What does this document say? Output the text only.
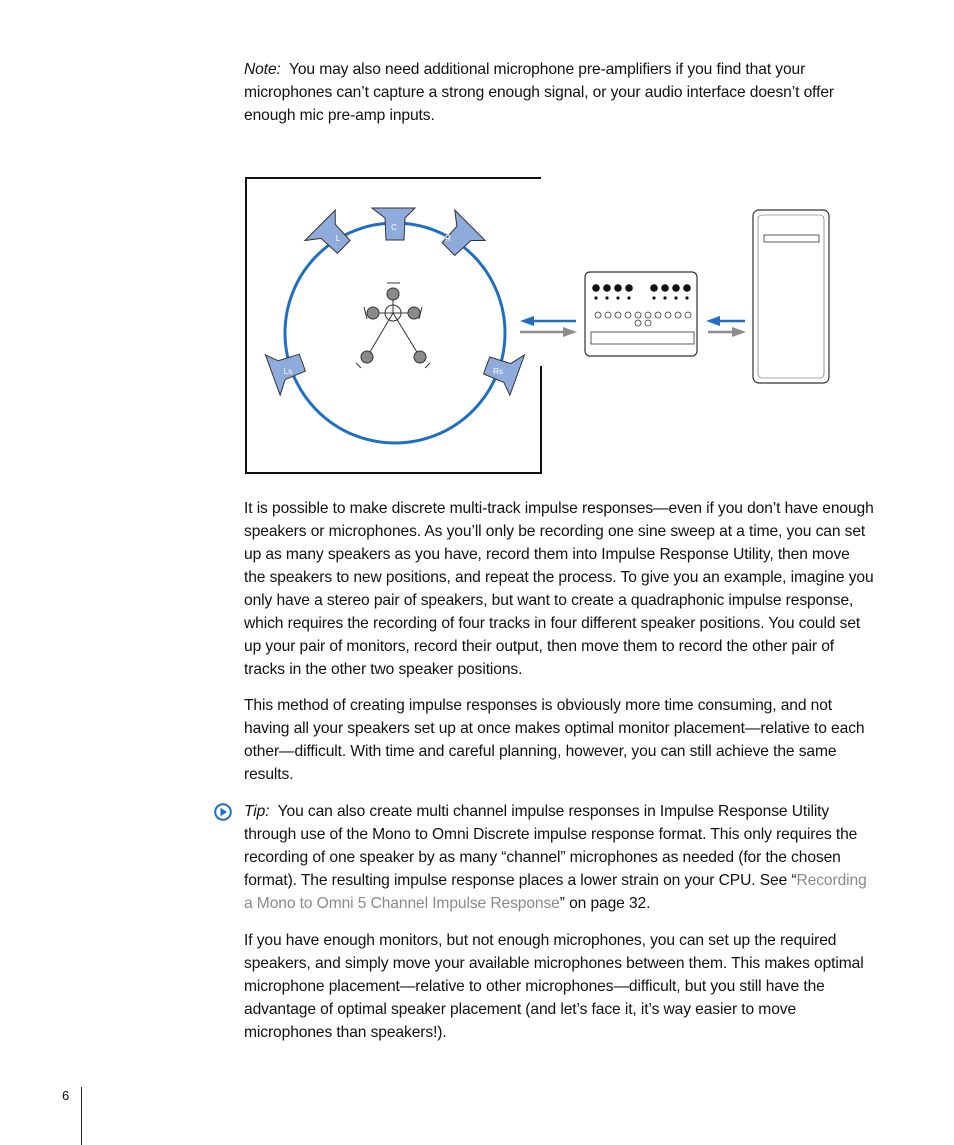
Note: You may also need additional microphone pre-amplifiers if you find that your microphones can’t capture a strong enough signal, or your audio interface doesn’t offer enough mic pre-amp inputs.

C
L	R
Ls	Rs

It is possible to make discrete multi-track impulse responses—even if you don’t have enough speakers or microphones. As you’ll only be recording one sine sweep at a time, you can set up as many speakers as you have, record them into Impulse Response Utility, then move the speakers to new positions, and repeat the process. To give you an example, imagine you only have a stereo pair of speakers, but want to create a quadraphonic impulse response, which requires the recording of four tracks in four different speaker positions. You could set up your pair of monitors, record their output, then move them to record the other pair of tracks in the other two speaker positions.

This method of creating impulse responses is obviously more time consuming, and not having all your speakers set up at once makes optimal monitor placement—relative to each other—difficult. With time and careful planning, however, you can still achieve the same results.

Tip: You can also create multi channel impulse responses in Impulse Response Utility through use of the Mono to Omni Discrete impulse response format. This only requires the recording of one speaker by as many “channel” microphones as needed (for the chosen format). The resulting impulse response places a lower strain on your CPU. See “Recording a Mono to Omni 5 Channel Impulse Response” on page 32.

If you have enough monitors, but not enough microphones, you can set up the required speakers, and simply move your available microphones between them. This makes optimal microphone placement—relative to other microphones—difficult, but you still have the advantage of optimal speaker placement (and let’s face it, it’s way easier to move microphones than speakers!).

6
